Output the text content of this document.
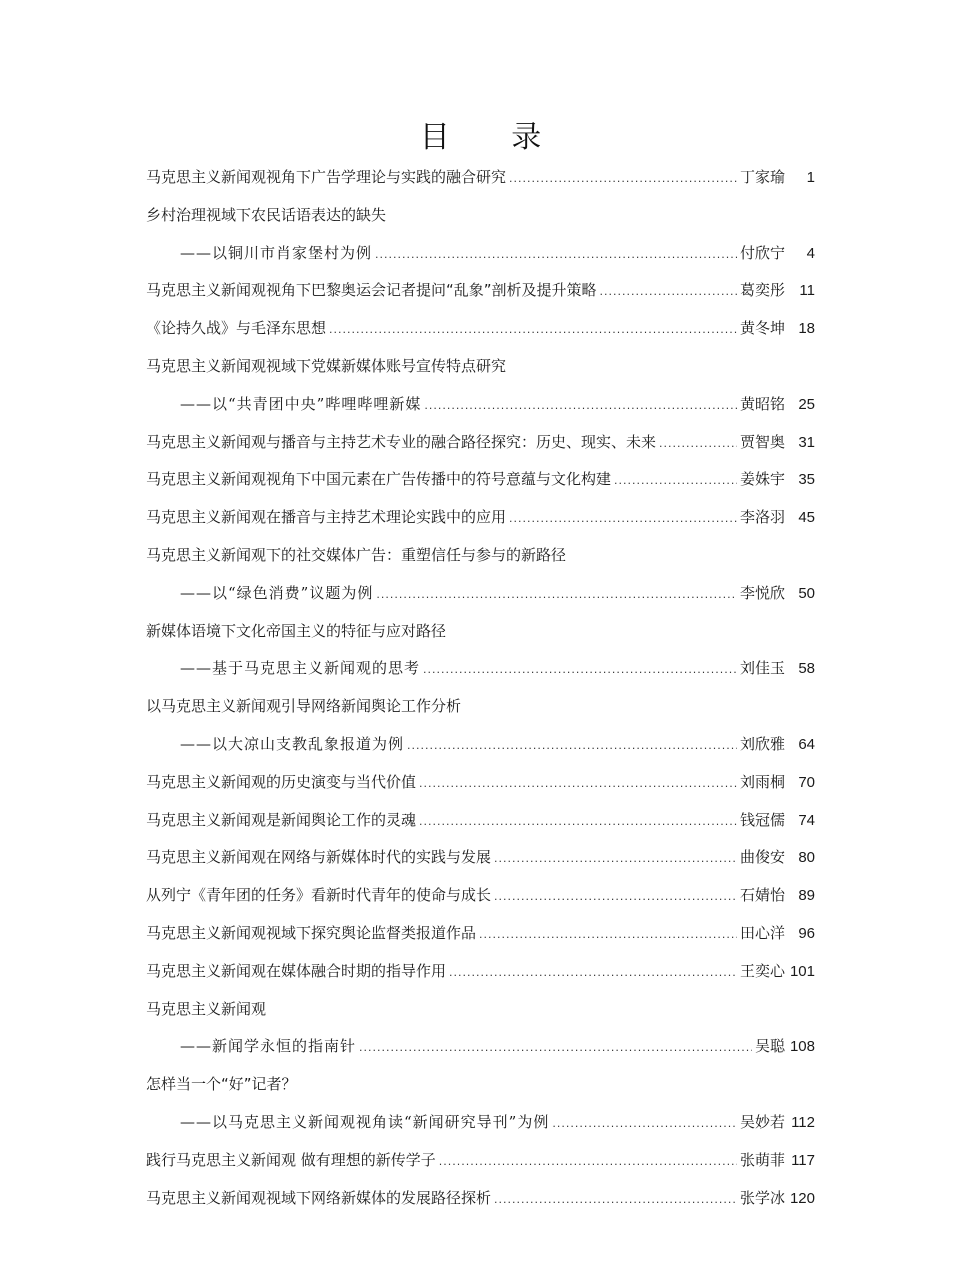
目 录
马克思主义新闻观视角下广告学理论与实践的融合研究 .....	丁家瑜	1
乡村治理视域下农民话语表达的缺失
——以铜川市肖家堡村为例 .....	付欣宁	4
马克思主义新闻观视角下巴黎奥运会记者提问“乱象”剖析及提升策略 .....	葛奕彤 11
《论持久战》与毛泽东思想 .....	黄冬坤 18
马克思主义新闻观视域下党媒新媒体账号宣传特点研究
——以“共青团中央”哔哩哔哩新媒 .....	黄昭铭 25
马克思主义新闻观与播音与主持艺术专业的融合路径探究：历史、现实、未来 .....	贾智奥 31
马克思主义新闻观视角下中国元素在广告传播中的符号意蕴与文化构建 .....	姜姝宇 35
马克思主义新闻观在播音与主持艺术理论实践中的应用 .....	李洛羽 45
马克思主义新闻观下的社交媒体广告：重塑信任与参与的新路径
——以“绿色消费”议题为例 .....	李悦欣 50
新媒体语境下文化帝国主义的特征与应对路径
——基于马克思主义新闻观的思考 .....	刘佳玉 58
以马克思主义新闻观引导网络新闻舆论工作分析
——以大凉山支教乱象报道为例 .....	刘欣雅 64
马克思主义新闻观的历史演变与当代价值 .....	刘雨桐 70
马克思主义新闻观是新闻舆论工作的灵魂 .....	钱冠儒 74
马克思主义新闻观在网络与新媒体时代的实践与发展 .....	曲俊安 80
从列宁《青年团的任务》看新时代青年的使命与成长 .....	石婧怡 89
马克思主义新闻观视域下探究舆论监督类报道作品 .....	田心洋 96
马克思主义新闻观在媒体融合时期的指导作用 .....	王奕心 101
马克思主义新闻观
——新闻学永恒的指南针 .....	吴聪 108
怎样当一个“好”记者？
——以马克思主义新闻观视角读“新闻研究导刊”为例 .....	吴妙若 112
践行马克思主义新闻观 做有理想的新传学子 .....	张萌菲 117
马克思主义新闻观视域下网络新媒体的发展路径探析 .....	张学冰 120
